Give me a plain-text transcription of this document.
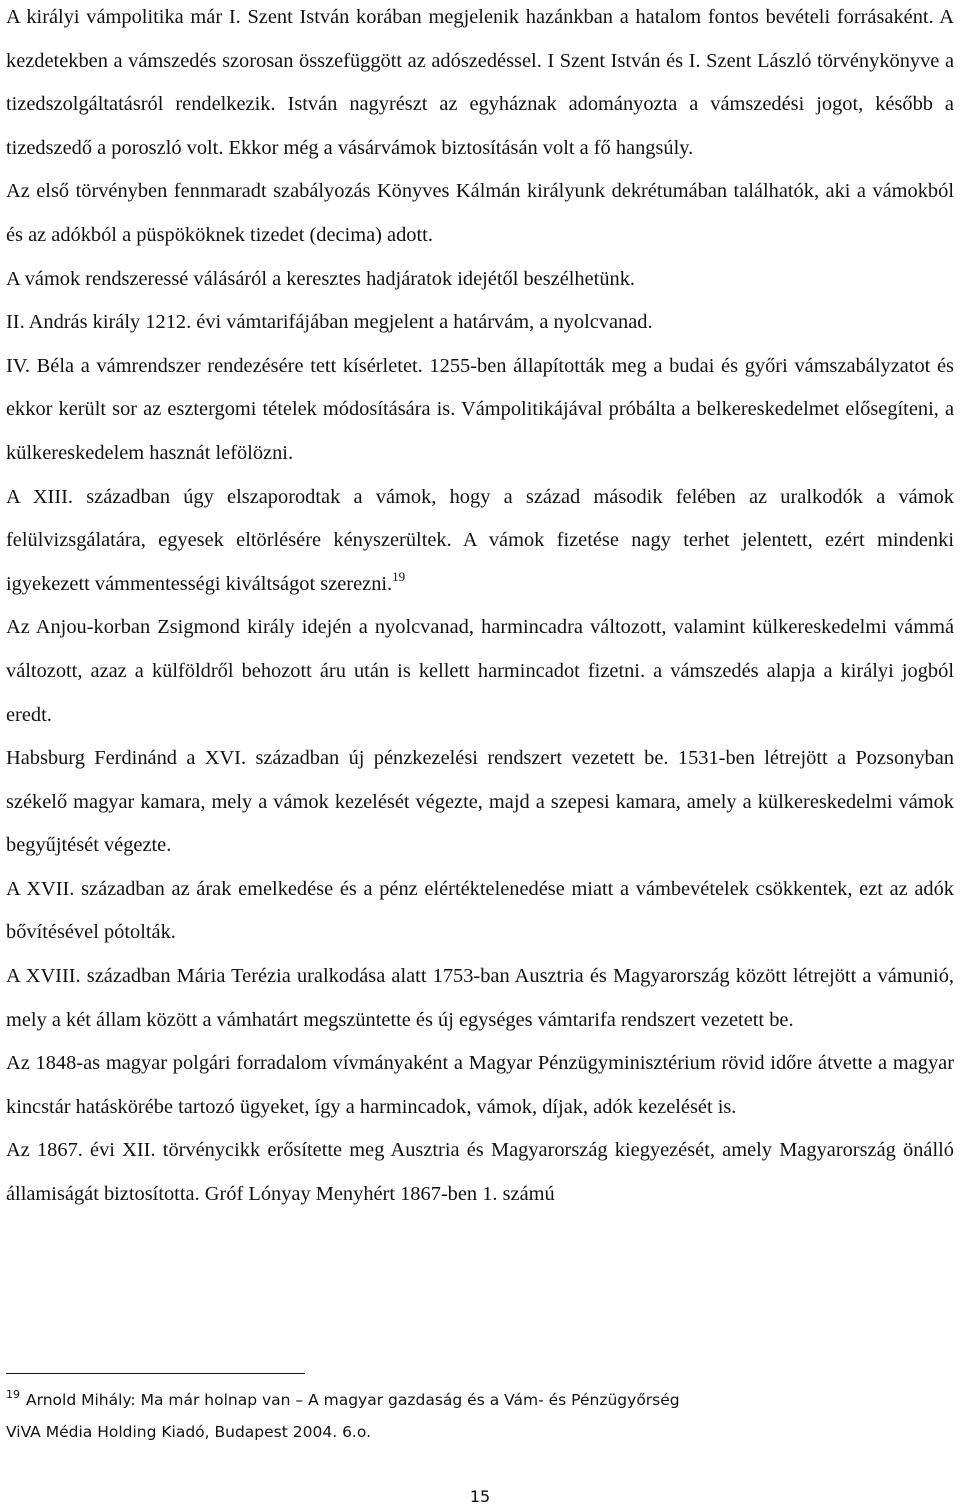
A királyi vámpolitika már I. Szent István korában megjelenik hazánkban a hatalom fontos bevételi forrásaként. A kezdetekben a vámszedés szorosan összefüggött az adószedéssel. I Szent István és I. Szent László törvénykönyve a tizedszolgáltatásról rendelkezik. István nagyrészt az egyháznak adományozta a vámszedési jogot, később a tizedszedő a poroszló volt. Ekkor még a vásárvámok biztosításán volt a fő hangsúly.

Az első törvényben fennmaradt szabályozás Könyves Kálmán királyunk dekrétumában találhatók, aki a vámokból és az adókból a püspököknek tizedet (decima) adott.

A vámok rendszeressé válásáról a keresztes hadjáratok idejétől beszélhetünk.

II. András király 1212. évi vámtarifájában megjelent a határvám, a nyolcvanad.

IV. Béla a vámrendszer rendezésére tett kísérletet. 1255-ben állapították meg a budai és győri vámszabályzatot és ekkor került sor az esztergomi tételek módosítására is. Vámpolitikájával próbálta a belkereskedelmet elősegíteni, a külkereskedelem hasznát lefölözni.

A XIII. században úgy elszaporodtak a vámok, hogy a század második felében az uralkodók a vámok felülvizsgálatára, egyesek eltörlésére kényszerültek. A vámok fizetése nagy terhet jelentett, ezért mindenki igyekezett vámmentességi kiváltságot szerezni.$^{19}$

Az Anjou-korban Zsigmond király idején a nyolcvanad, harmincadra változott, valamint külkereskedelmi vámmá változott, azaz a külföldről behozott áru után is kellett harmincadot fizetni. a vámszedés alapja a királyi jogból eredt.

Habsburg Ferdinánd a XVI. században új pénzkezelési rendszert vezetett be. 1531-ben létrejött a Pozsonyban székelő magyar kamara, mely a vámok kezelését végezte, majd a szepesi kamara, amely a külkereskedelmi vámok begyűjtését végezte.

A XVII. században az árak emelkedése és a pénz elértéktelenedése miatt a vámbevételek csökkentek, ezt az adók bővítésével pótolták.

A XVIII. században Mária Terézia uralkodása alatt 1753-ban Ausztria és Magyarország között létrejött a vámunió, mely a két állam között a vámhatárt megszüntette és új egységes vámtarifa rendszert vezetett be.

Az 1848-as magyar polgári forradalom vívmányaként a Magyar Pénzügyminisztérium rövid időre átvette a magyar kincstár hatáskörébe tartozó ügyeket, így a harmincadok, vámok, díjak, adók kezelését is.

Az 1867. évi XII. törvénycikk erősítette meg Ausztria és Magyarország kiegyezését, amely Magyarország önálló államiságát biztosította. Gróf Lónyay Menyhért 1867-ben 1. számú

$^{19}$ Arnold Mihály: Ma már holnap van – A magyar gazdaság és a Vám- és Pénzügyőrség
ViVA Média Holding Kiadó, Budapest 2004. 6.o.
15
